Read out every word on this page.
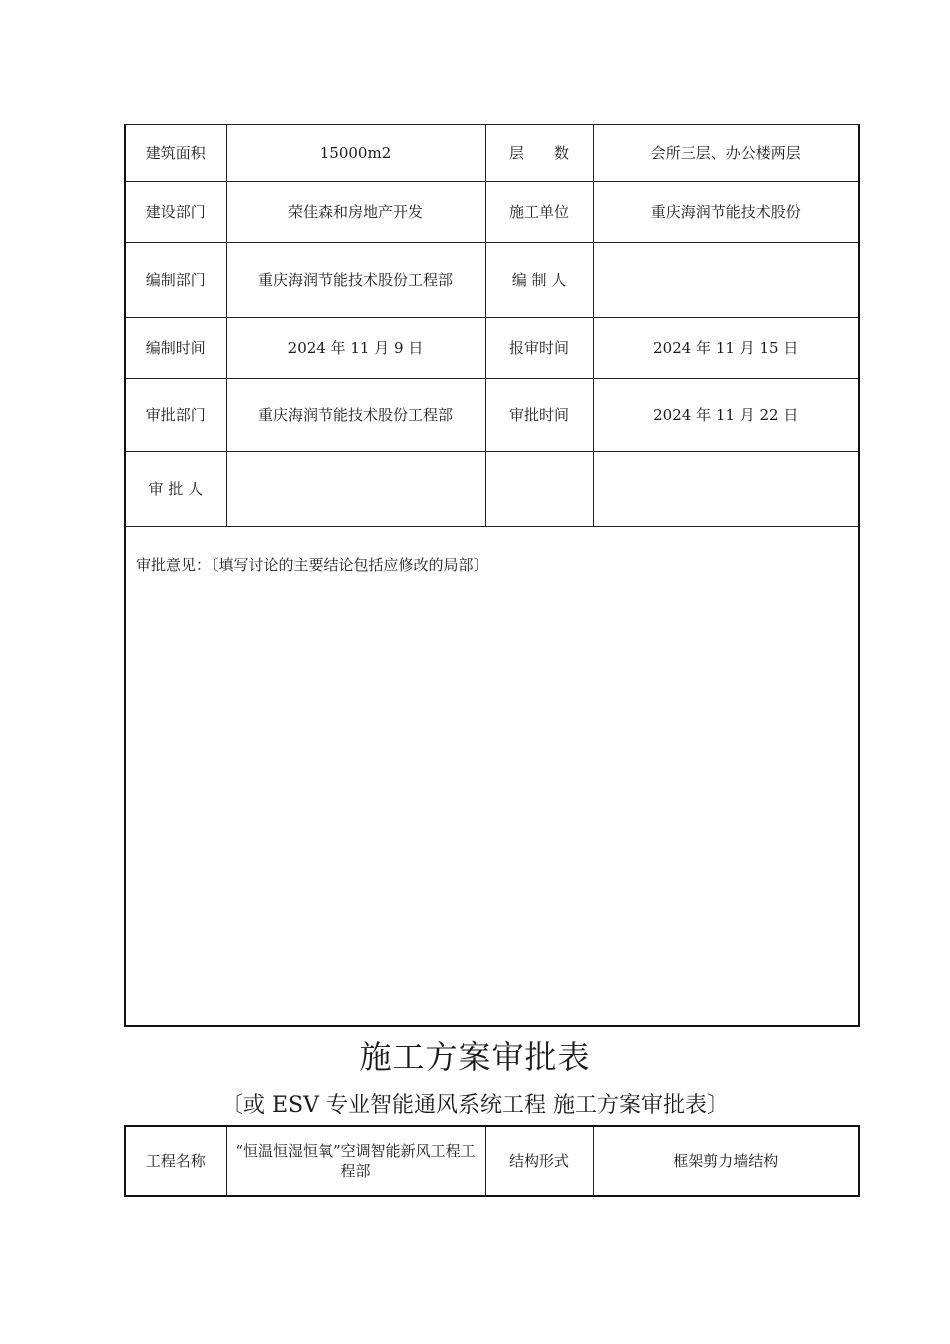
建筑面积	15000m2	层　　数	会所三层、办公楼两层
建设部门	荣佳森和房地产开发	施工单位	重庆海润节能技术股份
编制部门	重庆海润节能技术股份工程部	编 制 人	
编制时间	2024 年 11 月 9 日	报审时间	2024 年 11 月 15 日
审批部门	重庆海润节能技术股份工程部	审批时间	2024 年 11 月 22 日
审 批 人			
审批意见：〔填写讨论的主要结论包括应修改的局部〕			
施工方案审批表
〔或 ESV 专业智能通风系统工程 施工方案审批表〕
工程名称	“恒温恒湿恒氧”空调智能新风工程工程部	结构形式	框架剪力墙结构
